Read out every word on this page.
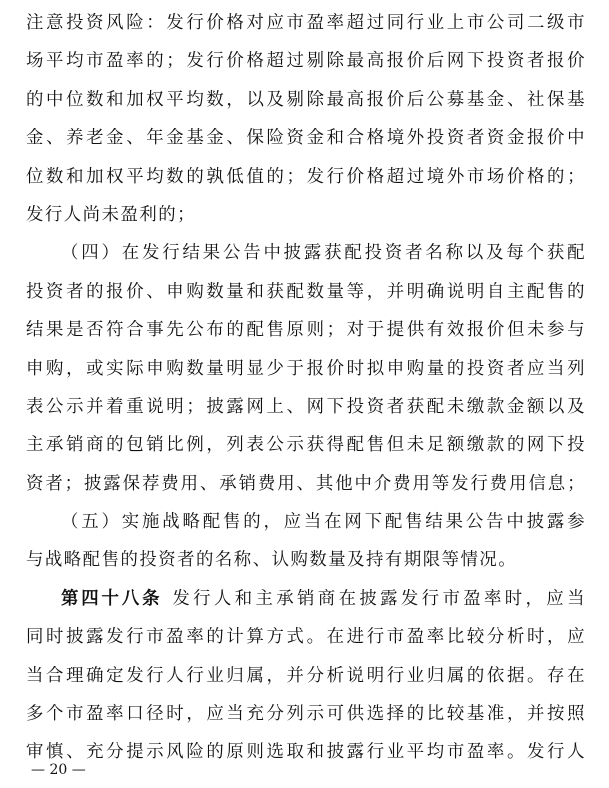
注意投资风险：发行价格对应市盈率超过同行业上市公司二级市
场平均市盈率的；发行价格超过剔除最高报价后网下投资者报价
的中位数和加权平均数，以及剔除最高报价后公募基金、社保基
金、养老金、年金基金、保险资金和合格境外投资者资金报价中
位数和加权平均数的孰低值的；发行价格超过境外市场价格的；
发行人尚未盈利的；
（四）在发行结果公告中披露获配投资者名称以及每个获配
投资者的报价、申购数量和获配数量等，并明确说明自主配售的
结果是否符合事先公布的配售原则；对于提供有效报价但未参与
申购，或实际申购数量明显少于报价时拟申购量的投资者应当列
表公示并着重说明；披露网上、网下投资者获配未缴款金额以及
主承销商的包销比例，列表公示获得配售但未足额缴款的网下投
资者；披露保荐费用、承销费用、其他中介费用等发行费用信息；
（五）实施战略配售的，应当在网下配售结果公告中披露参
与战略配售的投资者的名称、认购数量及持有期限等情况。
第四十八条 发行人和主承销商在披露发行市盈率时，应当
同时披露发行市盈率的计算方式。在进行市盈率比较分析时，应
当合理确定发行人行业归属，并分析说明行业归属的依据。存在
多个市盈率口径时，应当充分列示可供选择的比较基准，并按照
审慎、充分提示风险的原则选取和披露行业平均市盈率。发行人
— 20 —
